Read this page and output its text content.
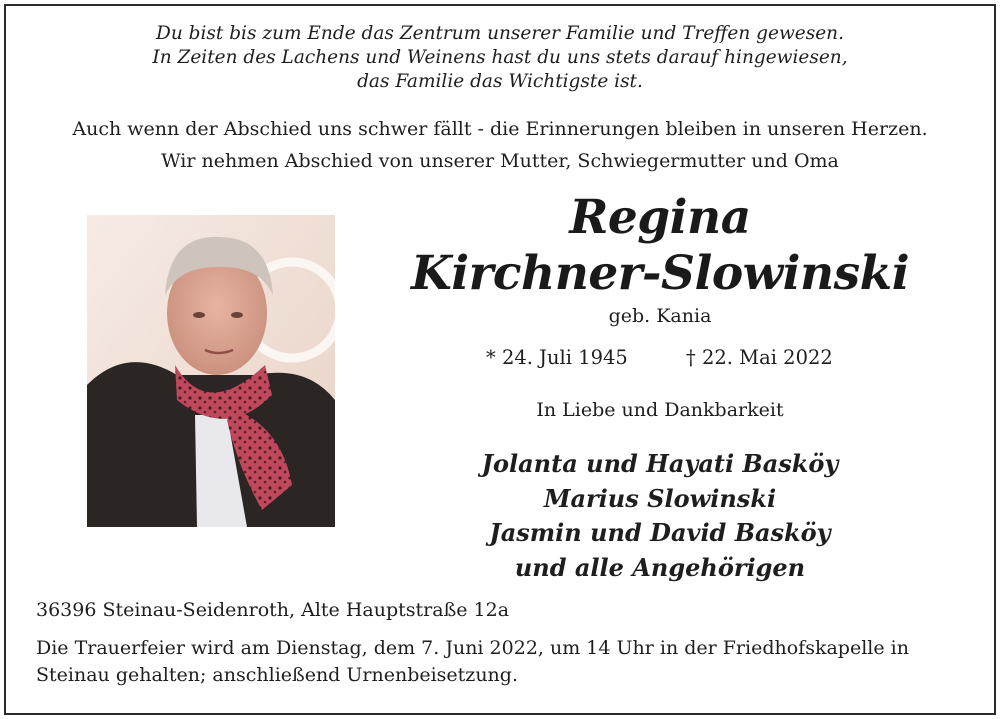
Du bist bis zum Ende das Zentrum unserer Familie und Treffen gewesen.
In Zeiten des Lachens und Weinens hast du uns stets darauf hingewiesen,
das Familie das Wichtigste ist.
Auch wenn der Abschied uns schwer fällt - die Erinnerungen bleiben in unseren Herzen.
Wir nehmen Abschied von unserer Mutter, Schwiegermutter und Oma
Regina
Kirchner-Slowinski
geb. Kania
* 24. Juli 1945	† 22. Mai 2022
In Liebe und Dankbarkeit
Jolanta und Hayati Basköy
Marius Slowinski
Jasmin und David Basköy
und alle Angehörigen
36396 Steinau-Seidenroth, Alte Hauptstraße 12a
Die Trauerfeier wird am Dienstag, dem 7. Juni 2022, um 14 Uhr in der Friedhofskapelle in
Steinau gehalten; anschließend Urnenbeisetzung.
